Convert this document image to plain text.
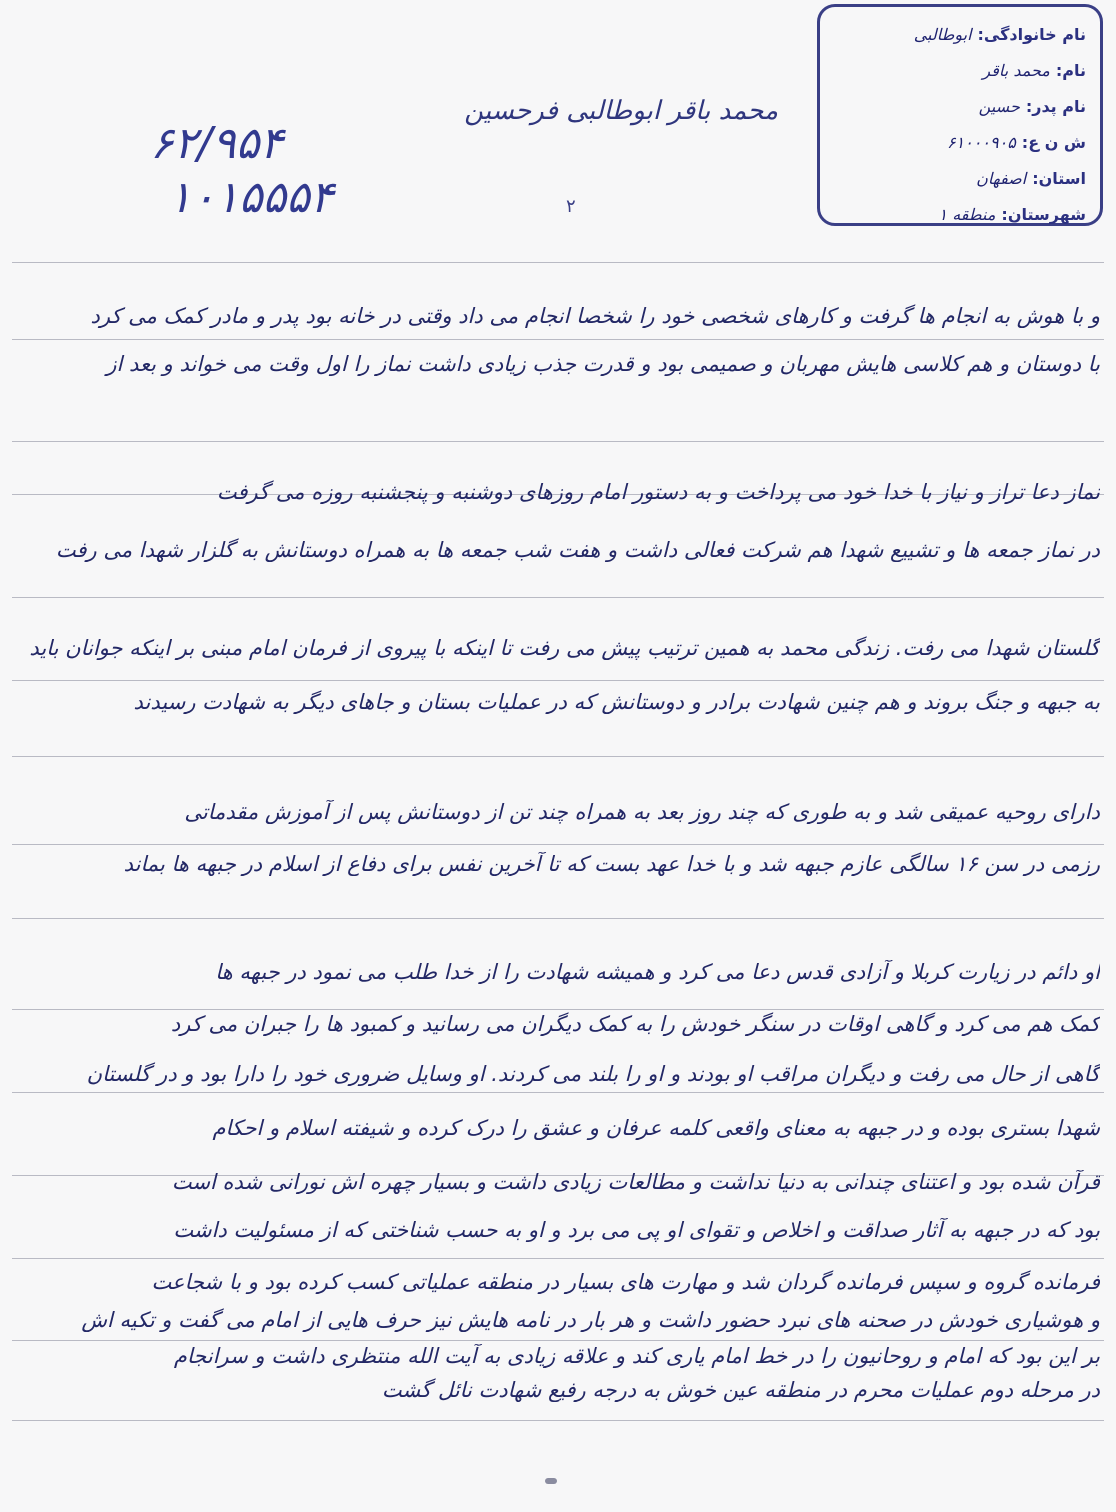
نام خانوادگی:
ابوطالبی
نام:
محمد باقر
نام پدر:
حسین
ش ن ع:
۶۱۰۰۰۹۰۵
استان:
اصفهان
شهرستان:
منطقه ۱
محمد باقر ابوطالبی فرحسین
۶۲/۹۵۴
۱۰۱۵۵۵۴	۲
و با هوش به انجام ها گرفت و کارهای شخصی خود را شخصا انجام می داد وقتی در خانه بود پدر و مادر کمک می کرد
با دوستان و هم کلاسی هایش مهربان و صمیمی بود و قدرت جذب زیادی داشت نماز را اول وقت می خواند و بعد از
نماز دعا تراز و نیاز با خدا خود می پرداخت و به دستور امام روزهای دوشنبه و پنجشنبه روزه می گرفت
در نماز جمعه ها و تشییع شهدا هم شرکت فعالی داشت و هفت شب جمعه ها به همراه دوستانش به گلزار شهدا می رفت
گلستان شهدا می رفت. زندگی محمد به همین ترتیب پیش می رفت تا اینکه با پیروی از فرمان امام مبنی بر اینکه جوانان باید
به جبهه و جنگ بروند و هم چنین شهادت برادر و دوستانش که در عملیات بستان و جاهای دیگر به شهادت رسیدند
دارای روحیه عمیقی شد و به طوری که چند روز بعد به همراه چند تن از دوستانش پس از آموزش مقدماتی
رزمی در سن ۱۶ سالگی عازم جبهه شد و با خدا عهد بست که تا آخرین نفس برای دفاع از اسلام در جبهه ها بماند
او دائم در زیارت کربلا و آزادی قدس دعا می کرد و همیشه شهادت را از خدا طلب می نمود در جبهه ها
کمک هم می کرد و گاهی اوقات در سنگر خودش را به کمک دیگران می رسانید و کمبود ها را جبران می کرد
گاهی از حال می رفت و دیگران مراقب او بودند و او را بلند می کردند. او وسایل ضروری خود را دارا بود و در گلستان
شهدا بستری بوده و در جبهه به معنای واقعی کلمه عرفان و عشق را درک کرده و شیفته اسلام و احکام
قرآن شده بود و اعتنای چندانی به دنیا نداشت و مطالعات زیادی داشت و بسیار چهره اش نورانی شده است
بود که در جبهه به آثار صداقت و اخلاص و تقوای او پی می برد و او به حسب شناختی که از مسئولیت داشت
فرمانده گروه و سپس فرمانده گردان شد و مهارت های بسیار در منطقه عملیاتی کسب کرده بود و با شجاعت
و هوشیاری خودش در صحنه های نبرد حضور داشت و هر بار در نامه هایش نیز حرف هایی از امام می گفت و تکیه اش
بر این بود که امام و روحانیون را در خط امام یاری کند و علاقه زیادی به آیت الله منتظری داشت و سرانجام
در مرحله دوم عملیات محرم در منطقه عین خوش به درجه رفیع شهادت نائل گشت
